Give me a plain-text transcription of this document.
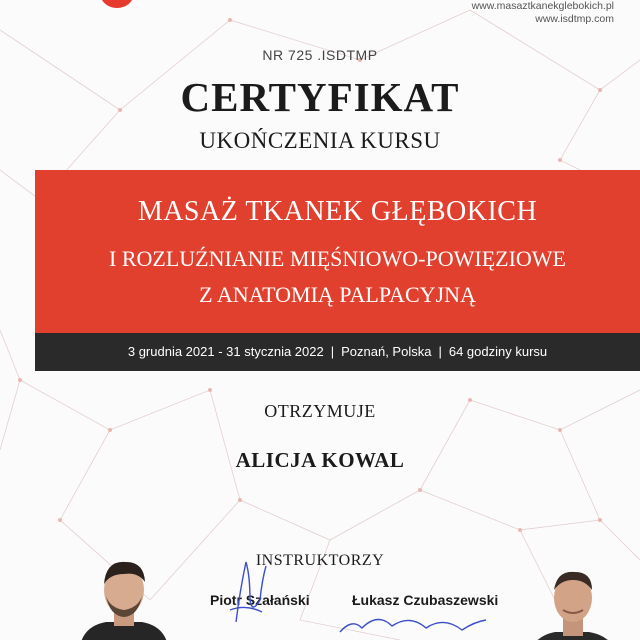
www.masaztkanekglebokich.pl
www.isdtmp.com
NR 725 .ISDTMP
CERTYFIKAT
UKOŃCZENIA KURSU
MASAŻ TKANEK GŁĘBOKICH
I ROZLUŹNIANIE MIĘŚNIOWO-POWIĘZIOWE
Z ANATOMIĄ PALPACYJNĄ
3 grudnia 2021 - 31 stycznia 2022 | Poznań, Polska | 64 godziny kursu
OTRZYMUJE
ALICJA KOWAL
INSTRUKTORZY
Piotr Szałański	Łukasz Czubaszewski
